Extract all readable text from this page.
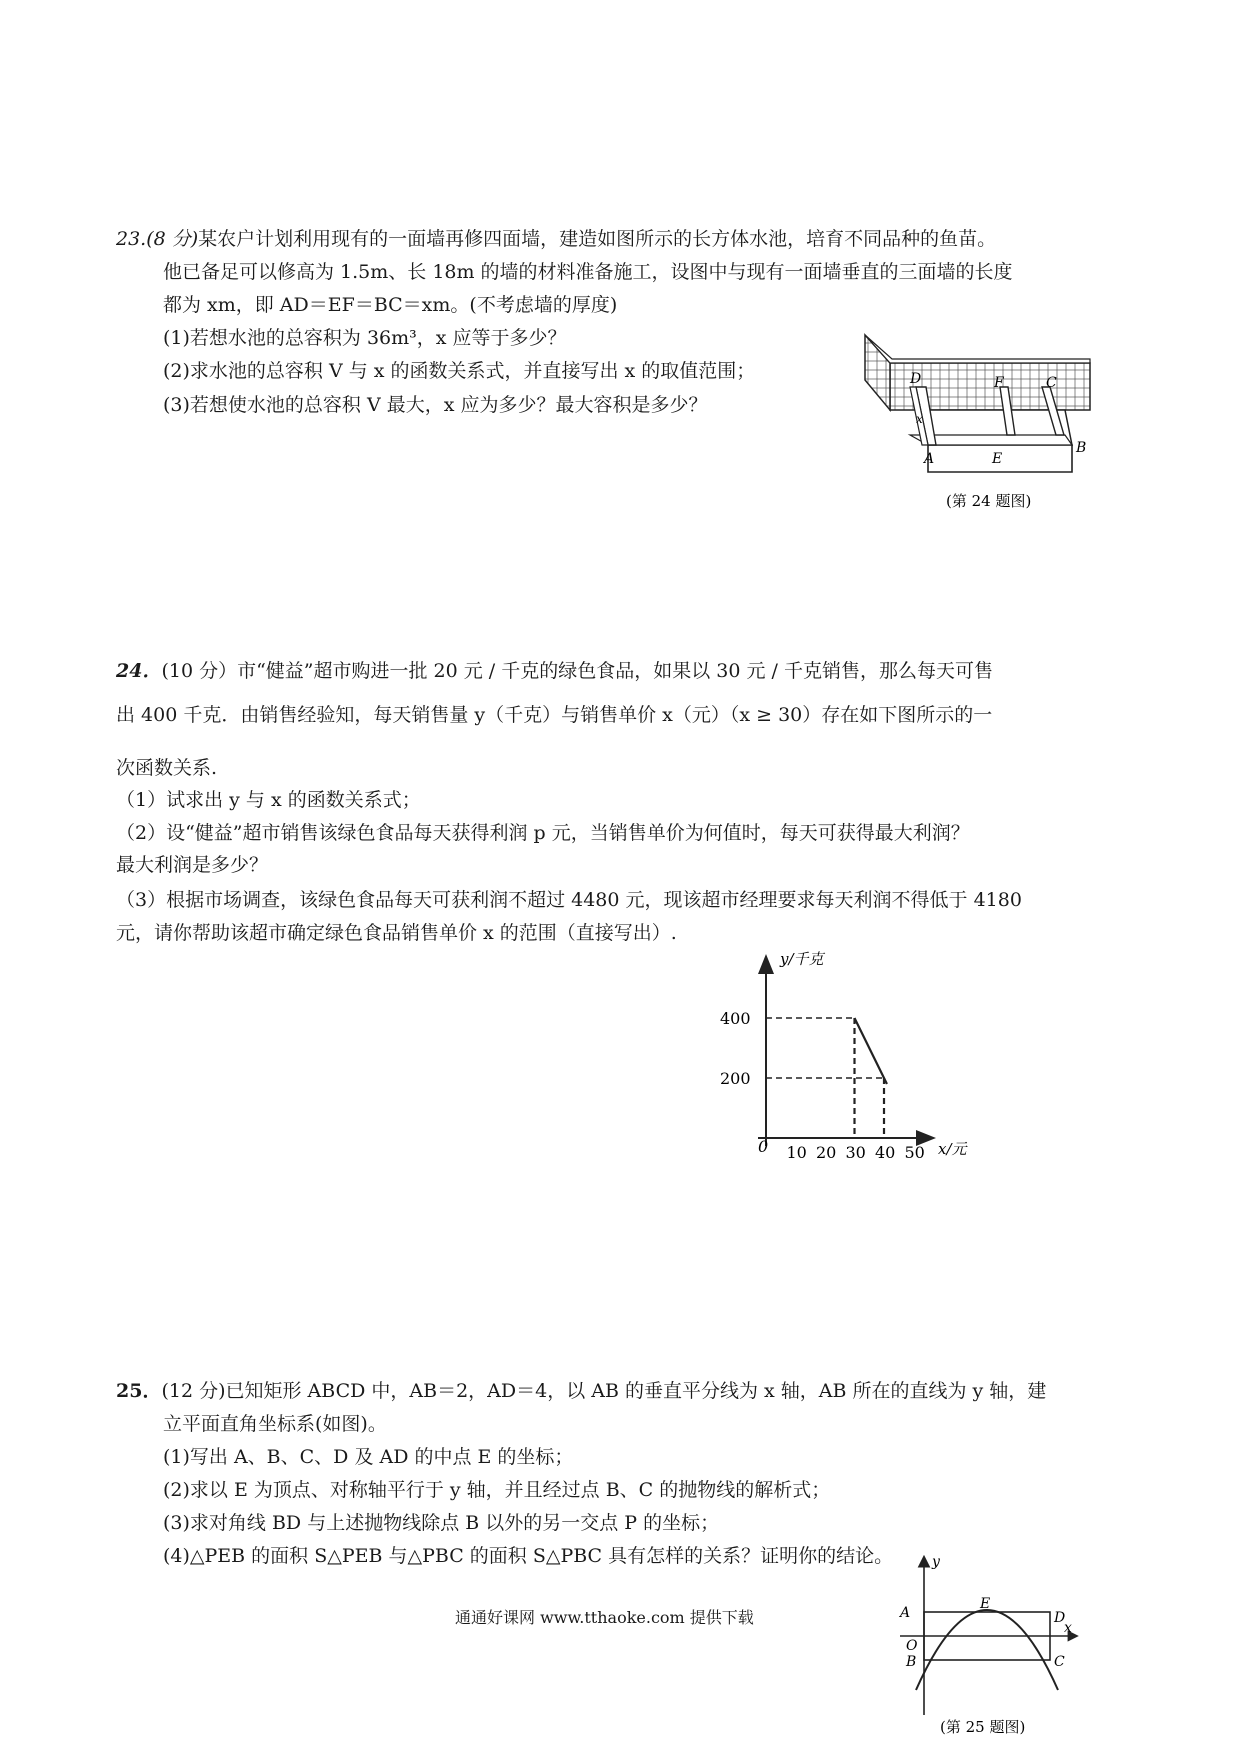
23.(8 分)某农户计划利用现有的一面墙再修四面墙，建造如图所示的长方体水池，培育不同品种的鱼苗。
他已备足可以修高为 1.5m、长 18m 的墙的材料准备施工，设图中与现有一面墙垂直的三面墙的长度
都为 xm，即 AD＝EF＝BC＝xm。(不考虑墙的厚度)
(1)若想水池的总容积为 36m³，x 应等于多少？
(2)求水池的总容积 V 与 x 的函数关系式，并直接写出 x 的取值范围；
(3)若想使水池的总容积 V 最大，x 应为多少？最大容积是多少？
D	F	C
A	E
B
x
(第 24 题图)
24．(10 分）市“健益”超市购进一批 20 元 / 千克的绿色食品，如果以 30 元 / 千克销售，那么每天可售
出 400 千克．由销售经验知，每天销售量 y（千克）与销售单价 x（元）（x ≥ 30）存在如下图所示的一
次函数关系.
（1）试求出 y 与 x 的函数关系式；
（2）设“健益”超市销售该绿色食品每天获得利润 p 元，当销售单价为何值时，每天可获得最大利润？
最大利润是多少？
（3）根据市场调查，该绿色食品每天可获利润不超过 4480 元，现该超市经理要求每天利润不得低于 4180
元，请你帮助该超市确定绿色食品销售单价 x 的范围（直接写出）.
10 20 30 40 50
200
400
y/千克
x/元
0
25．(12 分)已知矩形 ABCD 中，AB＝2，AD＝4，以 AB 的垂直平分线为 x 轴，AB 所在的直线为 y 轴，建
立平面直角坐标系(如图)。
(1)写出 A、B、C、D 及 AD 的中点 E 的坐标；
(2)求以 E 为顶点、对称轴平行于 y 轴，并且经过点 B、C 的抛物线的解析式；
(3)求对角线 BD 与上述抛物线除点 B 以外的另一交点 P 的坐标；
(4)△PEB 的面积 S△PEB 与△PBC 的面积 S△PBC 具有怎样的关系？证明你的结论。	y
A
E
D
x
O
B	C
(第 25 题图)
通通好课网 www.tthaoke.com 提供下载
